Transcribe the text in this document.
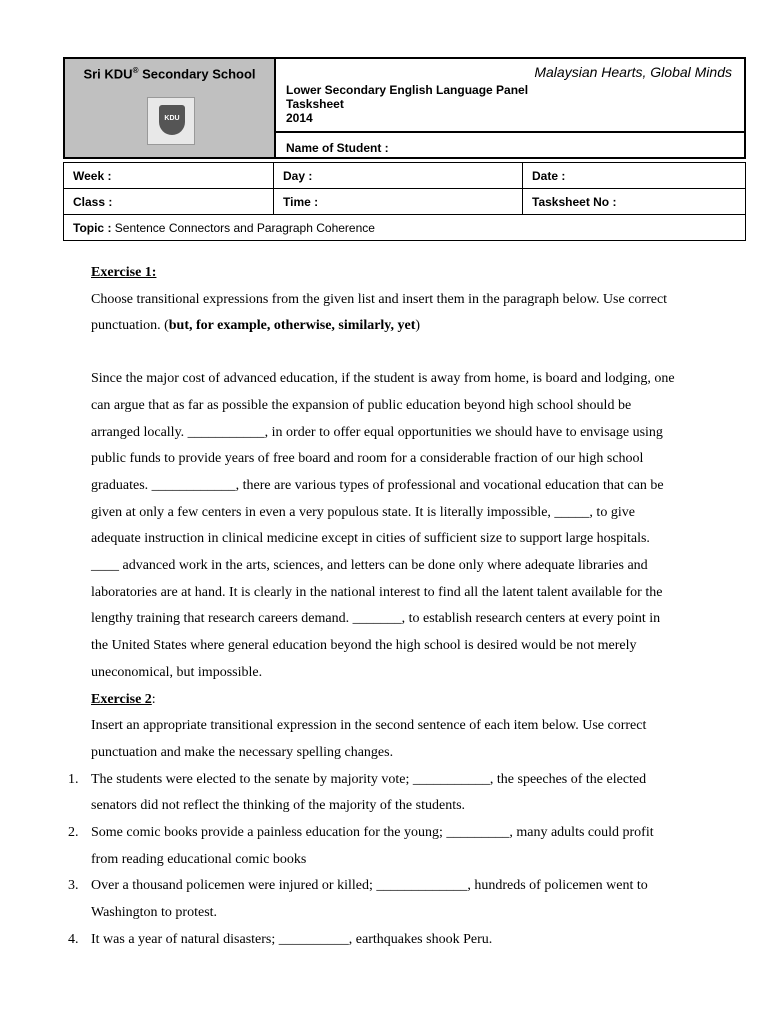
Sri KDU® Secondary School
KDU
Malaysian Hearts, Global Minds
Lower Secondary English Language Panel
Tasksheet
2014
Name of Student :
Week :	Day :	Date :
Class :	Time :	Tasksheet No :
Topic : Sentence Connectors and Paragraph Coherence		
Exercise 1:
Choose transitional expressions from the given list and insert them in the paragraph below. Use correct
punctuation. (but, for example, otherwise, similarly, yet)
Since the major cost of advanced education, if the student is away from home, is board and lodging, one
can argue that as far as possible the expansion of public education beyond high school should be
arranged locally. ___________, in order to offer equal opportunities we should have to envisage using
public funds to provide years of free board and room for a considerable fraction of our high school
graduates. ____________, there are various types of professional and vocational education that can be
given at only a few centers in even a very populous state. It is literally impossible, _____, to give
adequate instruction in clinical medicine except in cities of sufficient size to support large hospitals.
____ advanced work in the arts, sciences, and letters can be done only where adequate libraries and
laboratories are at hand. It is clearly in the national interest to find all the latent talent available for the
lengthy training that research careers demand. _______, to establish research centers at every point in
the United States where general education beyond the high school is desired would be not merely
uneconomical, but impossible.
Exercise 2:
Insert an appropriate transitional expression in the second sentence of each item below. Use correct
punctuation and make the necessary spelling changes.
1. The students were elected to the senate by majority vote; ___________, the speeches of the elected
senators did not reflect the thinking of the majority of the students.
2. Some comic books provide a painless education for the young; _________, many adults could profit
from reading educational comic books
3. Over a thousand policemen were injured or killed; _____________, hundreds of policemen went to
Washington to protest.
4. It was a year of natural disasters; __________, earthquakes shook Peru.
